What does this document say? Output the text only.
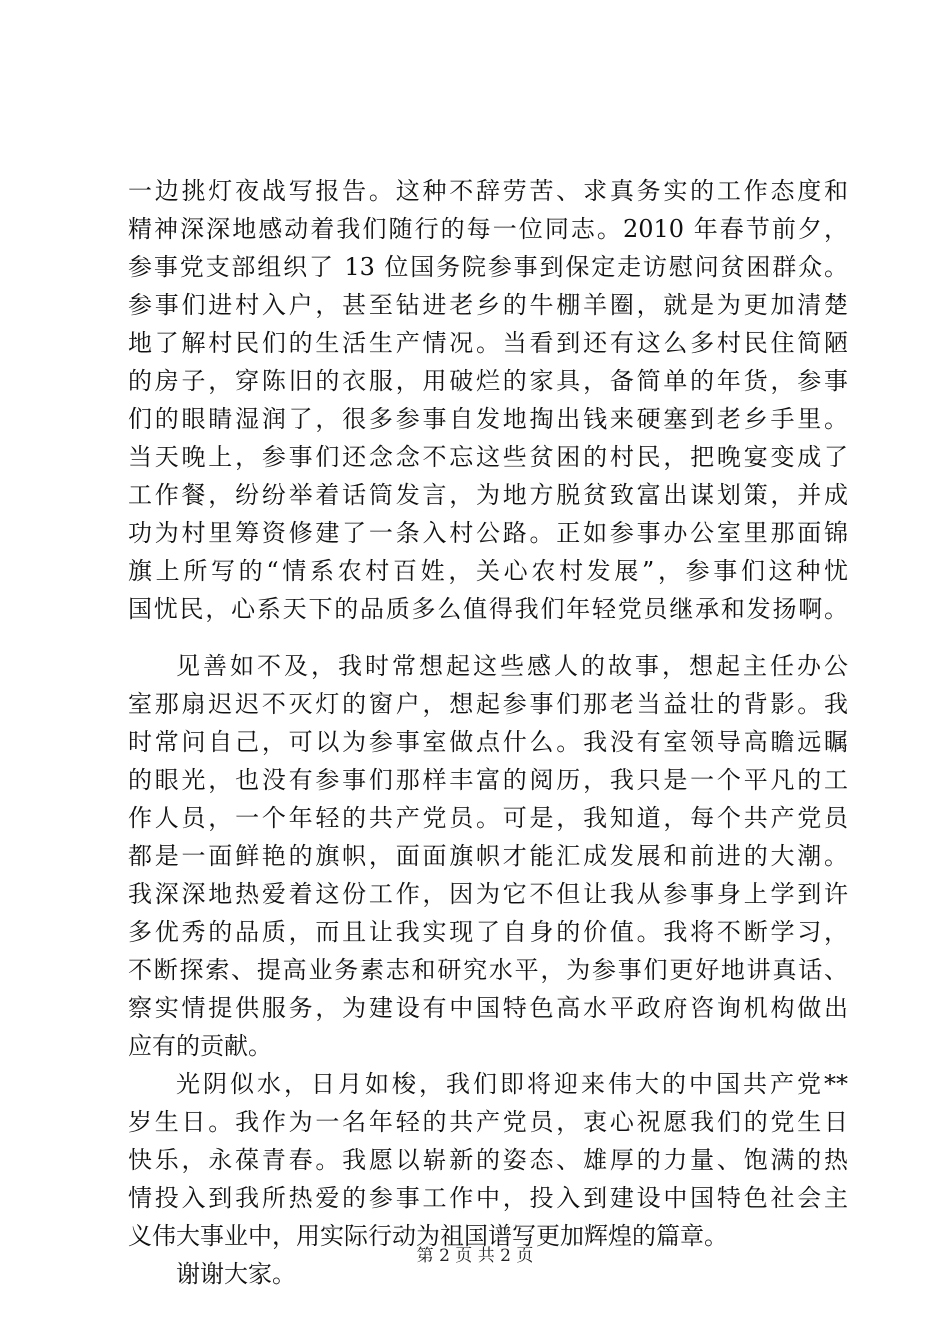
一边挑灯夜战写报告。这种不辞劳苦、求真务实的工作态度和
精神深深地感动着我们随行的每一位同志。2010 年春节前夕，
参事党支部组织了 13 位国务院参事到保定走访慰问贫困群众。
参事们进村入户，甚至钻进老乡的牛棚羊圈，就是为更加清楚
地了解村民们的生活生产情况。当看到还有这么多村民住简陋
的房子，穿陈旧的衣服，用破烂的家具，备简单的年货，参事
们的眼睛湿润了，很多参事自发地掏出钱来硬塞到老乡手里。
当天晚上，参事们还念念不忘这些贫困的村民，把晚宴变成了
工作餐，纷纷举着话筒发言，为地方脱贫致富出谋划策，并成
功为村里筹资修建了一条入村公路。正如参事办公室里那面锦
旗上所写的“情系农村百姓，关心农村发展”，参事们这种忧
国忧民，心系天下的品质多么值得我们年轻党员继承和发扬啊。
见善如不及，我时常想起这些感人的故事，想起主任办公
室那扇迟迟不灭灯的窗户，想起参事们那老当益壮的背影。我
时常问自己，可以为参事室做点什么。我没有室领导高瞻远瞩
的眼光，也没有参事们那样丰富的阅历，我只是一个平凡的工
作人员，一个年轻的共产党员。可是，我知道，每个共产党员
都是一面鲜艳的旗帜，面面旗帜才能汇成发展和前进的大潮。
我深深地热爱着这份工作，因为它不但让我从参事身上学到许
多优秀的品质，而且让我实现了自身的价值。我将不断学习，
不断探索、提高业务素志和研究水平，为参事们更好地讲真话、
察实情提供服务，为建设有中国特色高水平政府咨询机构做出
应有的贡献。
光阴似水，日月如梭，我们即将迎来伟大的中国共产党**
岁生日。我作为一名年轻的共产党员，衷心祝愿我们的党生日
快乐，永葆青春。我愿以崭新的姿态、雄厚的力量、饱满的热
情投入到我所热爱的参事工作中，投入到建设中国特色社会主
义伟大事业中，用实际行动为祖国谱写更加辉煌的篇章。
谢谢大家。
第 2 页 共 2 页
